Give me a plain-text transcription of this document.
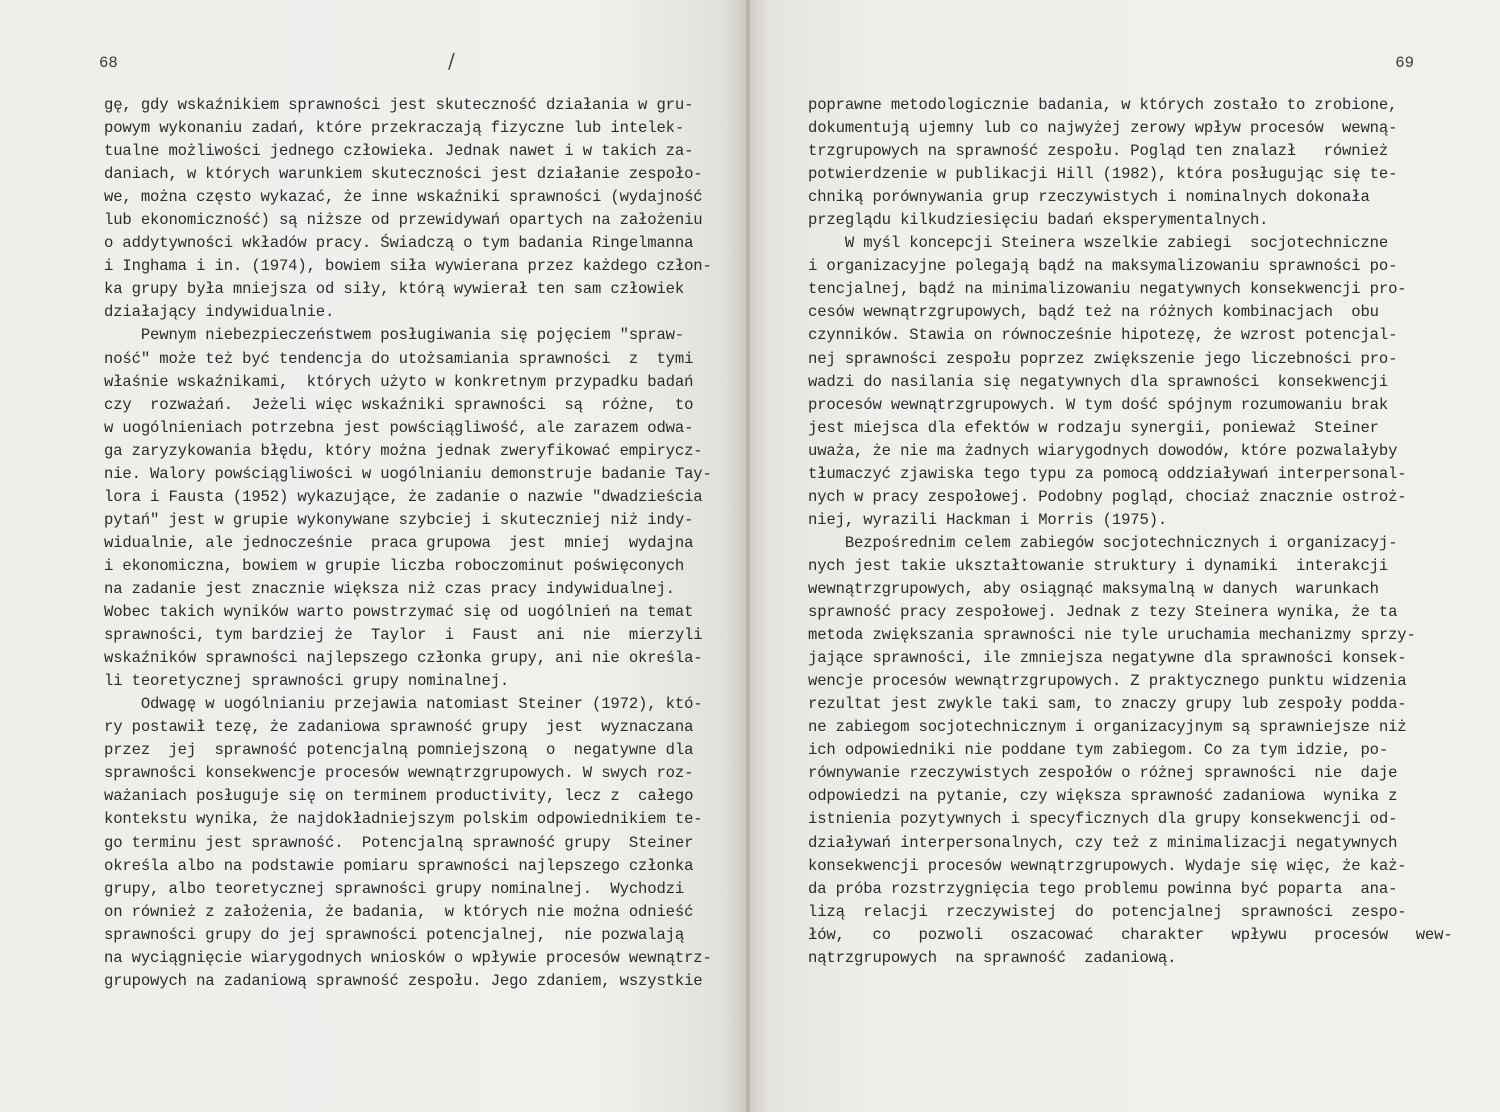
68	/
gę, gdy wskaźnikiem sprawności jest skuteczność działania w gru-
powym wykonaniu zadań, które przekraczają fizyczne lub intelek-
tualne możliwości jednego człowieka. Jednak nawet i w takich za-
daniach, w których warunkiem skuteczności jest działanie zespoło-
we, można często wykazać, że inne wskaźniki sprawności (wydajność
lub ekonomiczność) są niższe od przewidywań opartych na założeniu
o addytywności wkładów pracy. Świadczą o tym badania Ringelmanna
i Inghama i in. (1974), bowiem siła wywierana przez każdego człon-
ka grupy była mniejsza od siły, którą wywierał ten sam człowiek
działający indywidualnie.
Pewnym niebezpieczeństwem posługiwania się pojęciem "spraw-
ność" może też być tendencja do utożsamiania sprawności  z  tymi
właśnie wskaźnikami,  których użyto w konkretnym przypadku badań
czy  rozważań.  Jeżeli więc wskaźniki sprawności  są  różne,  to
w uogólnieniach potrzebna jest powściągliwość, ale zarazem odwa-
ga zaryzykowania błędu, który można jednak zweryfikować empirycz-
nie. Walory powściągliwości w uogólnianiu demonstruje badanie Tay-
lora i Fausta (1952) wykazujące, że zadanie o nazwie "dwadzieścia
pytań" jest w grupie wykonywane szybciej i skuteczniej niż indy-
widualnie, ale jednocześnie  praca grupowa  jest  mniej  wydajna
i ekonomiczna, bowiem w grupie liczba roboczominut poświęconych
na zadanie jest znacznie większa niż czas pracy indywidualnej.
Wobec takich wyników warto powstrzymać się od uogólnień na temat
sprawności, tym bardziej że  Taylor  i  Faust  ani  nie  mierzyli
wskaźników sprawności najlepszego członka grupy, ani nie określa-
li teoretycznej sprawności grupy nominalnej.
Odwagę w uogólnianiu przejawia natomiast Steiner (1972), któ-
ry postawił tezę, że zadaniowa sprawność grupy  jest  wyznaczana
przez  jej  sprawność potencjalną pomniejszoną  o  negatywne dla
sprawności konsekwencje procesów wewnątrzgrupowych. W swych roz-
ważaniach posługuje się on terminem productivity, lecz z  całego
kontekstu wynika, że najdokładniejszym polskim odpowiednikiem te-
go terminu jest sprawność.  Potencjalną sprawność grupy  Steiner
określa albo na podstawie pomiaru sprawności najlepszego członka
grupy, albo teoretycznej sprawności grupy nominalnej.  Wychodzi
on również z założenia, że badania,  w których nie można odnieść
sprawności grupy do jej sprawności potencjalnej,  nie pozwalają
na wyciągnięcie wiarygodnych wniosków o wpływie procesów wewnątrz-
grupowych na zadaniową sprawność zespołu. Jego zdaniem, wszystkie
69
poprawne metodologicznie badania, w których zostało to zrobione,
dokumentują ujemny lub co najwyżej zerowy wpływ procesów  wewną-
trzgrupowych na sprawność zespołu. Pogląd ten znalazł   również
potwierdzenie w publikacji Hill (1982), która posługując się te-
chniką porównywania grup rzeczywistych i nominalnych dokonała
przeglądu kilkudziesięciu badań eksperymentalnych.
W myśl koncepcji Steinera wszelkie zabiegi  socjotechniczne
i organizacyjne polegają bądź na maksymalizowaniu sprawności po-
tencjalnej, bądź na minimalizowaniu negatywnych konsekwencji pro-
cesów wewnątrzgrupowych, bądź też na różnych kombinacjach  obu
czynników. Stawia on równocześnie hipotezę, że wzrost potencjal-
nej sprawności zespołu poprzez zwiększenie jego liczebności pro-
wadzi do nasilania się negatywnych dla sprawności  konsekwencji
procesów wewnątrzgrupowych. W tym dość spójnym rozumowaniu brak
jest miejsca dla efektów w rodzaju synergii, ponieważ  Steiner
uważa, że nie ma żadnych wiarygodnych dowodów, które pozwalałyby
tłumaczyć zjawiska tego typu za pomocą oddziaływań interpersonal-
nych w pracy zespołowej. Podobny pogląd, chociaż znacznie ostroż-
niej, wyrazili Hackman i Morris (1975).
Bezpośrednim celem zabiegów socjotechnicznych i organizacyj-
nych jest takie ukształtowanie struktury i dynamiki  interakcji
wewnątrzgrupowych, aby osiągnąć maksymalną w danych  warunkach
sprawność pracy zespołowej. Jednak z tezy Steinera wynika, że ta
metoda zwiększania sprawności nie tyle uruchamia mechanizmy sprzy-
jające sprawności, ile zmniejsza negatywne dla sprawności konsek-
wencje procesów wewnątrzgrupowych. Z praktycznego punktu widzenia
rezultat jest zwykle taki sam, to znaczy grupy lub zespoły podda-
ne zabiegom socjotechnicznym i organizacyjnym są sprawniejsze niż
ich odpowiedniki nie poddane tym zabiegom. Co za tym idzie, po-
równywanie rzeczywistych zespołów o różnej sprawności  nie  daje
odpowiedzi na pytanie, czy większa sprawność zadaniowa  wynika z
istnienia pozytywnych i specyficznych dla grupy konsekwencji od-
działywań interpersonalnych, czy też z minimalizacji negatywnych
konsekwencji procesów wewnątrzgrupowych. Wydaje się więc, że każ-
da próba rozstrzygnięcia tego problemu powinna być poparta  ana-
lizą  relacji  rzeczywistej  do  potencjalnej  sprawności  zespo-
łów,   co   pozwoli   oszacować   charakter   wpływu   procesów   wew-
nątrzgrupowych  na sprawność  zadaniową.
